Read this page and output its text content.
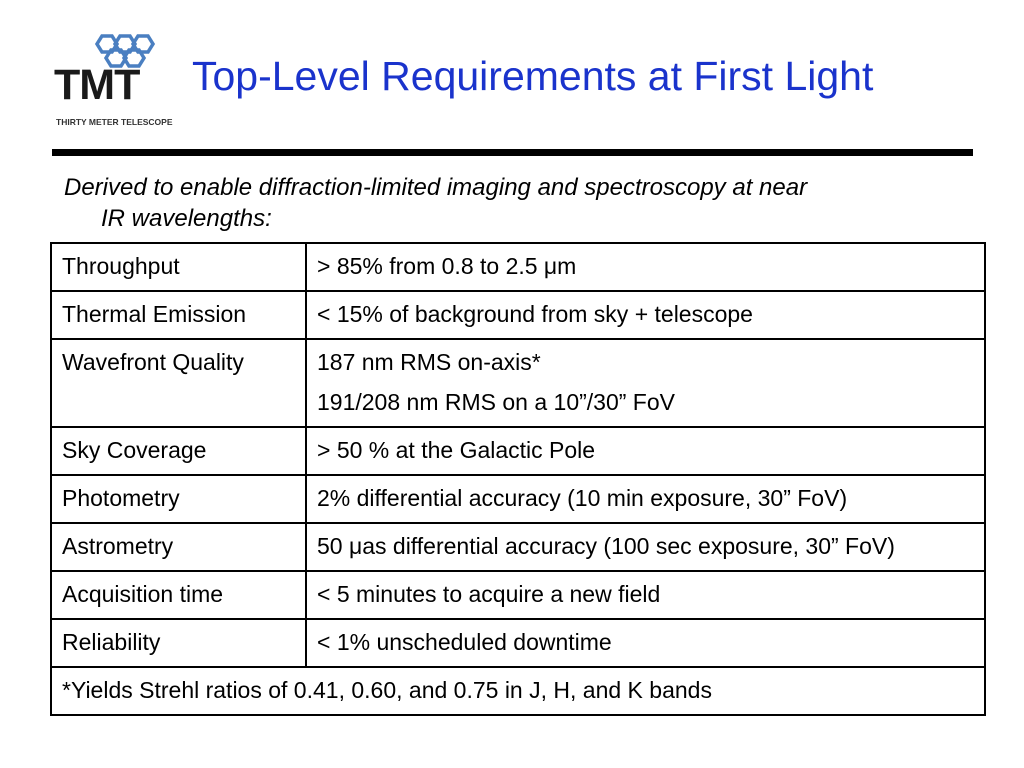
TMT
THIRTY METER TELESCOPE
Top-Level Requirements at First Light
Derived to enable diffraction-limited imaging and spectroscopy at near
IR wavelengths:
Throughput	> 85% from 0.8 to 2.5 μm

Thermal Emission	< 15% of background from sky + telescope

Wavefront Quality	187 nm RMS on-axis*

191/208 nm RMS on a 10”/30” FoV

Sky Coverage	> 50 % at the Galactic Pole

Photometry	2% differential accuracy (10 min exposure, 30” FoV)

Astrometry	50 μas differential accuracy (100 sec exposure, 30” FoV)

Acquisition time	< 5 minutes to acquire a new field

Reliability	< 1% unscheduled downtime

*Yields Strehl ratios of 0.41, 0.60, and 0.75 in J, H, and K bands	
